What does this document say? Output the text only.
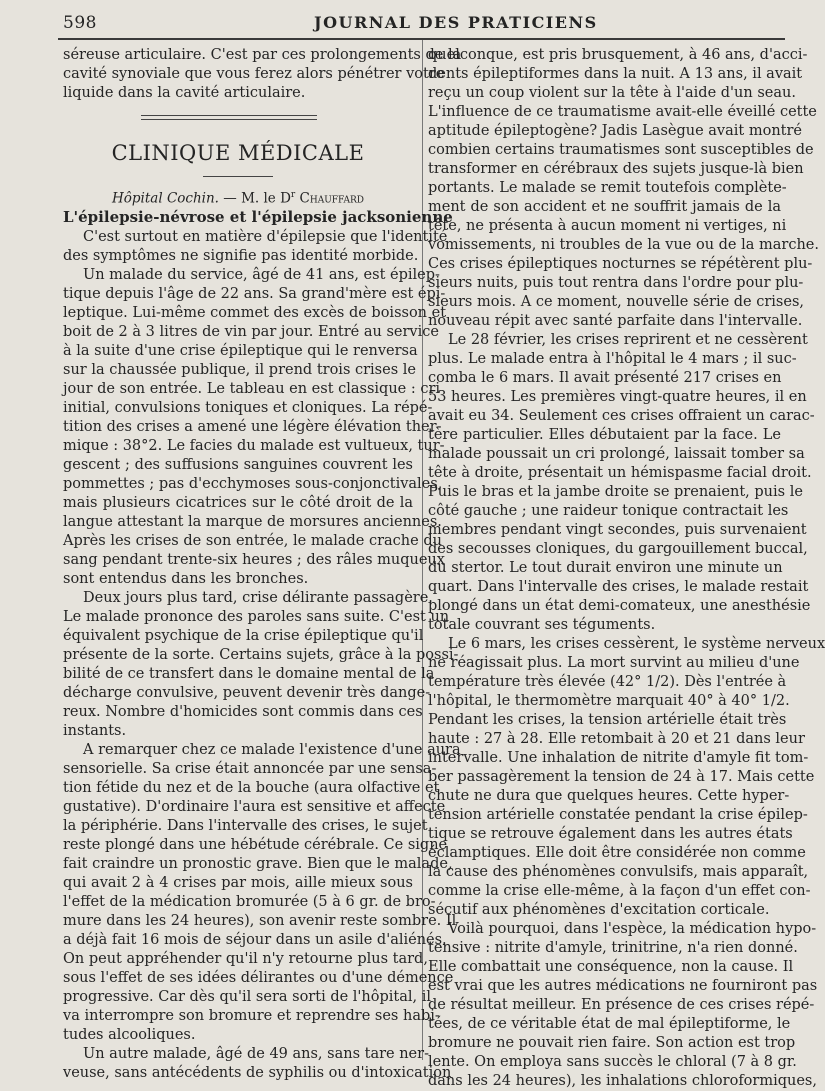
598	JOURNAL DES PRATICIENS
séreuse articulaire. C'est par ces prolongements de la
cavité synoviale que vous ferez alors pénétrer votre
liquide dans la cavité articulaire.
CLINIQUE MÉDICALE
Hôpital Cochin. — M. le $D^r$ Chauffard
L'épilepsie-névrose et l'épilepsie jacksonienne
C'est surtout en matière d'épilepsie que l'identité
des symptômes ne signifie pas identité morbide.
Un malade du service, âgé de 41 ans, est épilep-
tique depuis l'âge de 22 ans. Sa grand'mère est épi-
leptique. Lui-même commet des excès de boisson et
boit de 2 à 3 litres de vin par jour. Entré au service
à la suite d'une crise épileptique qui le renversa
sur la chaussée publique, il prend trois crises le
jour de son entrée. Le tableau en est classique : cri
initial, convulsions toniques et cloniques. La répé-
tition des crises a amené une légère élévation ther-
mique : 38°2. Le facies du malade est vultueux, tur-
gescent ; des suffusions sanguines couvrent les
pommettes ; pas d'ecchymoses sous-conjonctivales,
mais plusieurs cicatrices sur le côté droit de la
langue attestant la marque de morsures anciennes.
Après les crises de son entrée, le malade crache du
sang pendant trente-six heures ; des râles muqueux
sont entendus dans les bronches.
Deux jours plus tard, crise délirante passagère.
Le malade prononce des paroles sans suite. C'est un
équivalent psychique de la crise épileptique qu'il
présente de la sorte. Certains sujets, grâce à la possi-
bilité de ce transfert dans le domaine mental de la
décharge convulsive, peuvent devenir très dange-
reux. Nombre d'homicides sont commis dans ces
instants.
A remarquer chez ce malade l'existence d'une aura
sensorielle. Sa crise était annoncée par une sensa-
tion fétide du nez et de la bouche (aura olfactive et
gustative). D'ordinaire l'aura est sensitive et affecte
la périphérie. Dans l'intervalle des crises, le sujet
reste plongé dans une hébétude cérébrale. Ce signe
fait craindre un pronostic grave. Bien que le malade,
qui avait 2 à 4 crises par mois, aille mieux sous
l'effet de la médication bromurée (5 à 6 gr. de bro-
mure dans les 24 heures), son avenir reste sombre. Il
a déjà fait 16 mois de séjour dans un asile d'aliénés.
On peut appréhender qu'il n'y retourne plus tard,
sous l'effet de ses idées délirantes ou d'une démence
progressive. Car dès qu'il sera sorti de l'hôpital, il
va interrompre son bromure et reprendre ses habi-
tudes alcooliques.
Un autre malade, âgé de 49 ans, sans tare ner-
veuse, sans antécédents de syphilis ou d'intoxication
quelconque, est pris brusquement, à 46 ans, d'acci-
dents épileptiformes dans la nuit. A 13 ans, il avait
reçu un coup violent sur la tête à l'aide d'un seau.
L'influence de ce traumatisme avait-elle éveillé cette
aptitude épileptogène? Jadis Lasègue avait montré
combien certains traumatismes sont susceptibles de
transformer en cérébraux des sujets jusque-là bien
portants. Le malade se remit toutefois complète-
ment de son accident et ne souffrit jamais de la
tête, ne présenta à aucun moment ni vertiges, ni
vomissements, ni troubles de la vue ou de la marche.
Ces crises épileptiques nocturnes se répétèrent plu-
sieurs nuits, puis tout rentra dans l'ordre pour plu-
sieurs mois. A ce moment, nouvelle série de crises,
nouveau répit avec santé parfaite dans l'intervalle.
Le 28 février, les crises reprirent et ne cessèrent
plus. Le malade entra à l'hôpital le 4 mars ; il suc-
comba le 6 mars. Il avait présenté 217 crises en
53 heures. Les premières vingt-quatre heures, il en
avait eu 34. Seulement ces crises offraient un carac-
tère particulier. Elles débutaient par la face. Le
malade poussait un cri prolongé, laissait tomber sa
tête à droite, présentait un hémispasme facial droit.
Puis le bras et la jambe droite se prenaient, puis le
côté gauche ; une raideur tonique contractait les
membres pendant vingt secondes, puis survenaient
des secousses cloniques, du gargouillement buccal,
du stertor. Le tout durait environ une minute un
quart. Dans l'intervalle des crises, le malade restait
plongé dans un état demi-comateux, une anesthésie
totale couvrant ses téguments.
Le 6 mars, les crises cessèrent, le système nerveux
ne réagissait plus. La mort survint au milieu d'une
température très élevée (42° 1/2). Dès l'entrée à
l'hôpital, le thermomètre marquait 40° à 40° 1/2.
Pendant les crises, la tension artérielle était très
haute : 27 à 28. Elle retombait à 20 et 21 dans leur
intervalle. Une inhalation de nitrite d'amyle fit tom-
ber passagèrement la tension de 24 à 17. Mais cette
chute ne dura que quelques heures. Cette hyper-
tension artérielle constatée pendant la crise épilep-
tique se retrouve également dans les autres états
éclamptiques. Elle doit être considérée non comme
la cause des phénomènes convulsifs, mais apparaît,
comme la crise elle-même, à la façon d'un effet con-
sécutif aux phénomènes d'excitation corticale.
Voilà pourquoi, dans l'espèce, la médication hypo-
tensive : nitrite d'amyle, trinitrine, n'a rien donné.
Elle combattait une conséquence, non la cause. Il
est vrai que les autres médications ne fourniront pas
de résultat meilleur. En présence de ces crises répé-
tées, de ce véritable état de mal épileptiforme, le
bromure ne pouvait rien faire. Son action est trop
lente. On employa sans succès le chloral (7 à 8 gr.
dans les 24 heures), les inhalations chloroformiques,
